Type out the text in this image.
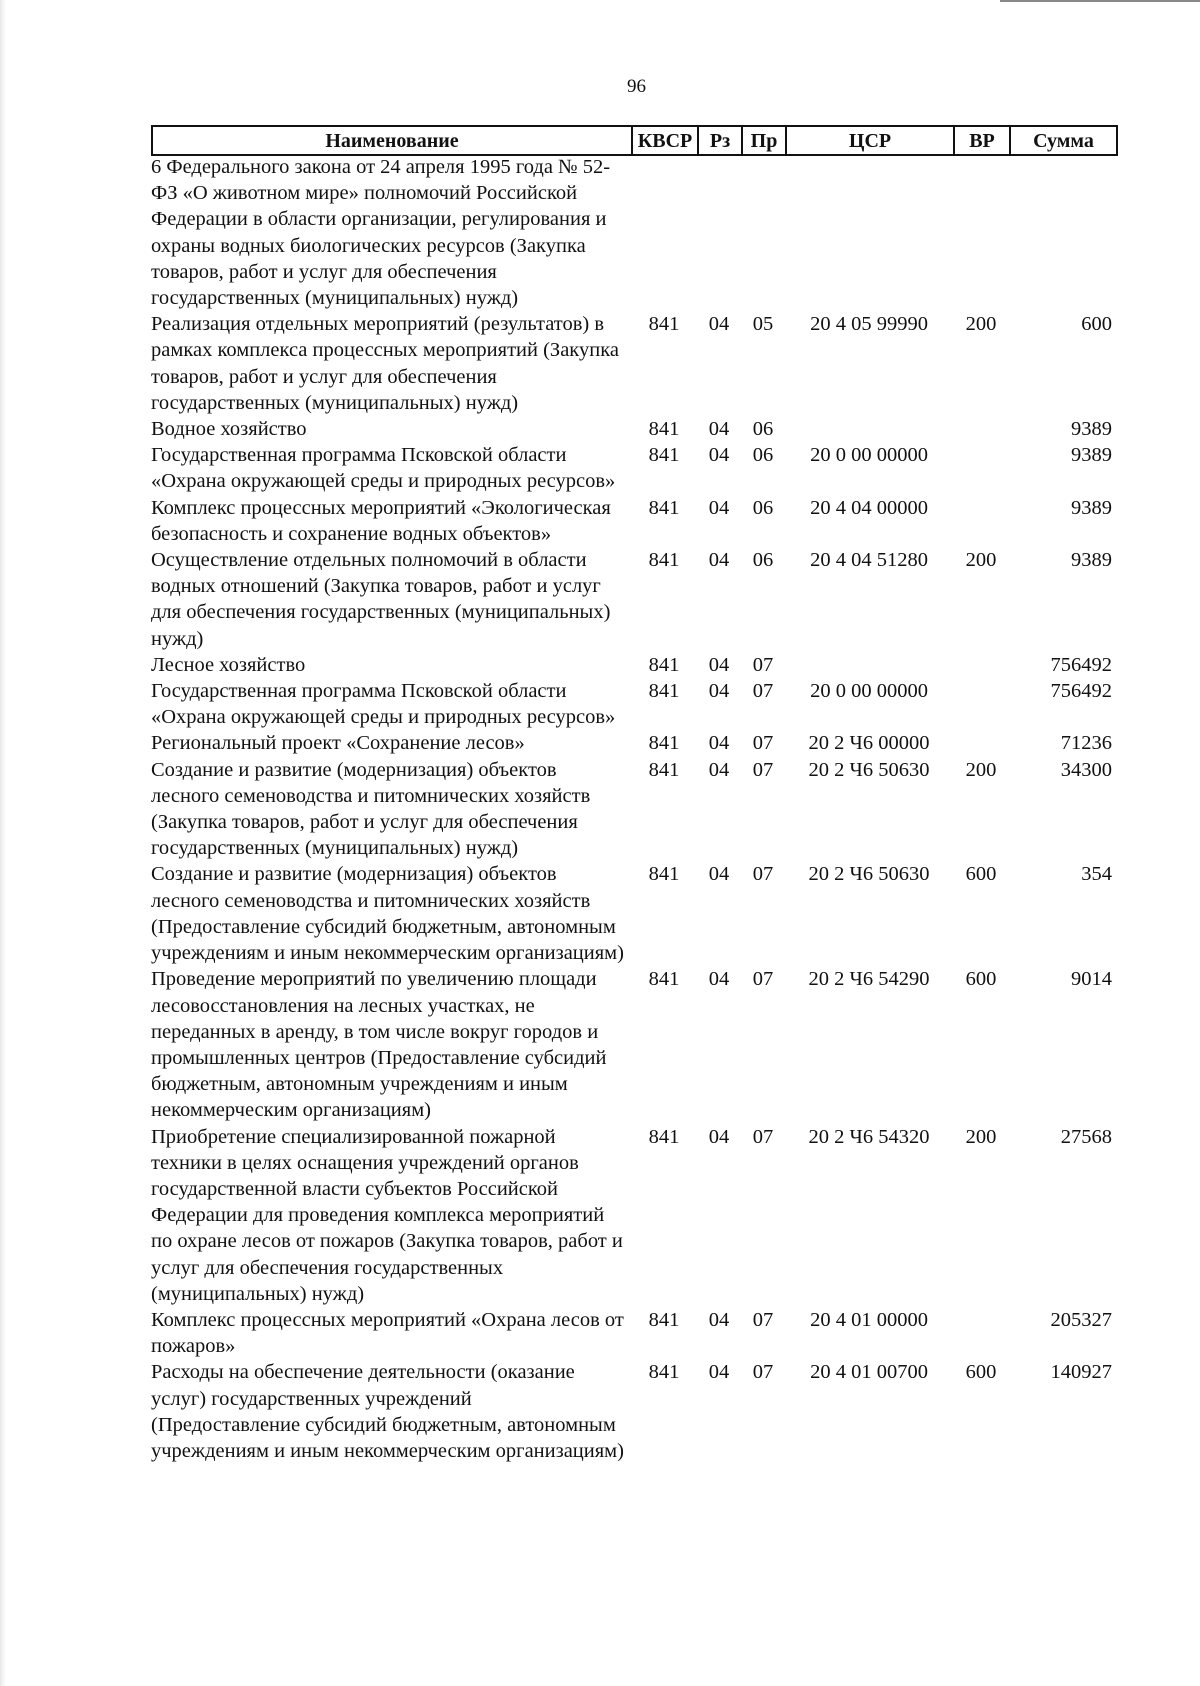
96
Наименование	КВСР	Рз	Пр	ЦСР	ВР	Сумма
6 Федерального закона от 24 апреля 1995 года № 52-ФЗ «О животном мире» полномочий Российской Федерации в области организации, регулирования и охраны водных биологических ресурсов (Закупка товаров, работ и услуг для обеспечения государственных (муниципальных) нужд)						
Реализация отдельных мероприятий (результатов) в рамках комплекса процессных мероприятий (Закупка товаров, работ и услуг для обеспечения государственных (муниципальных) нужд)	841	04	05	20 4 05 99990	200	600
Водное хозяйство	841	04	06			9389
Государственная программа Псковской области «Охрана окружающей среды и природных ресурсов»	841	04	06	20 0 00 00000		9389
Комплекс процессных мероприятий «Экологическая безопасность и сохранение водных объектов»	841	04	06	20 4 04 00000		9389
Осуществление отдельных полномочий в области водных отношений (Закупка товаров, работ и услуг для обеспечения государственных (муниципальных) нужд)	841	04	06	20 4 04 51280	200	9389
Лесное хозяйство	841	04	07			756492
Государственная программа Псковской области «Охрана окружающей среды и природных ресурсов»	841	04	07	20 0 00 00000		756492
Региональный проект «Сохранение лесов»	841	04	07	20 2 Ч6 00000		71236
Создание и развитие (модернизация) объектов лесного семеноводства и питомнических хозяйств (Закупка товаров, работ и услуг для обеспечения государственных (муниципальных) нужд)	841	04	07	20 2 Ч6 50630	200	34300
Создание и развитие (модернизация) объектов лесного семеноводства и питомнических хозяйств (Предоставление субсидий бюджетным, автономным учреждениям и иным некоммерческим организациям)	841	04	07	20 2 Ч6 50630	600	354
Проведение мероприятий по увеличению площади лесовосстановления на лесных участках, не переданных в аренду, в том числе вокруг городов и промышленных центров (Предоставление субсидий бюджетным, автономным учреждениям и иным некоммерческим организациям)	841	04	07	20 2 Ч6 54290	600	9014
Приобретение специализированной пожарной техники в целях оснащения учреждений органов государственной власти субъектов Российской Федерации для проведения комплекса мероприятий по охране лесов от пожаров (Закупка товаров, работ и услуг для обеспечения государственных (муниципальных) нужд)	841	04	07	20 2 Ч6 54320	200	27568
Комплекс процессных мероприятий «Охрана лесов от пожаров»	841	04	07	20 4 01 00000		205327
Расходы на обеспечение деятельности (оказание услуг) государственных учреждений (Предоставление субсидий бюджетным, автономным учреждениям и иным некоммерческим организациям)	841	04	07	20 4 01 00700	600	140927
